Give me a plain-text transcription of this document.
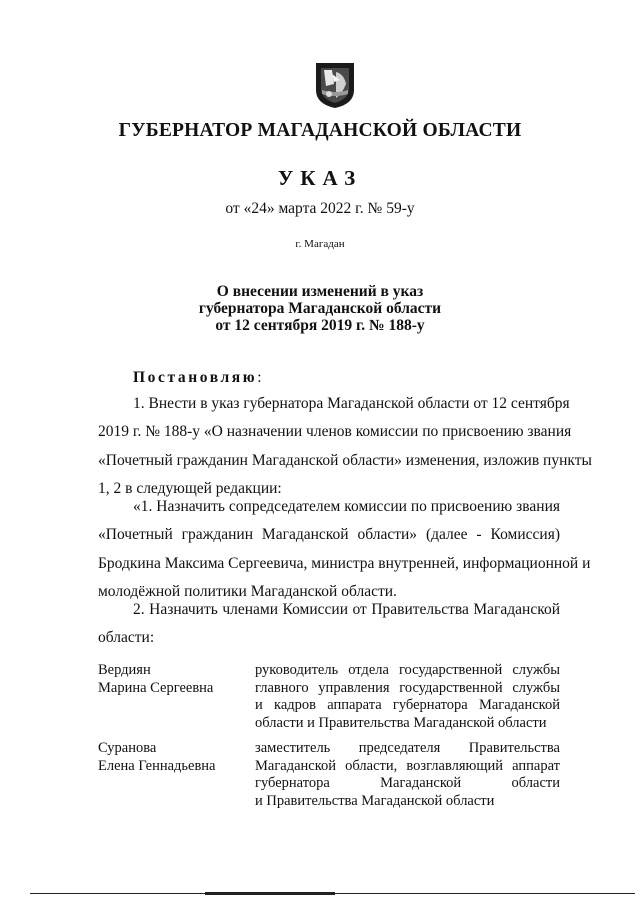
ГУБЕРНАТОР МАГАДАНСКОЙ ОБЛАСТИ
УКАЗ
от «24» марта 2022 г. № 59-у
г. Магадан
О внесении изменений в указ
губернатора Магаданской области
от 12 сентября 2019 г. № 188-у
Постановляю:
1. Внести в указ губернатора Магаданской области от 12 сентября
2019 г. № 188-у «О назначении членов комиссии по присвоению звания
«Почетный гражданин Магаданской области» изменения, изложив пункты
1, 2 в следующей редакции:
«1. Назначить сопредседателем комиссии по присвоению звания
«Почетный гражданин Магаданской области» (далее - Комиссия)
Бродкина Максима Сергеевича, министра внутренней, информационной и
молодёжной политики Магаданской области.
2. Назначить членами Комиссии от Правительства Магаданской
области:
Вердиян
Марина Сергеевна
руководитель отдела государственной службы
главного управления государственной службы
и кадров аппарата губернатора Магаданской
области и Правительства Магаданской области
Суранова
Елена Геннадьевна
заместитель председателя Правительства
Магаданской области, возглавляющий аппарат
губернатора Магаданской области
и Правительства Магаданской области
